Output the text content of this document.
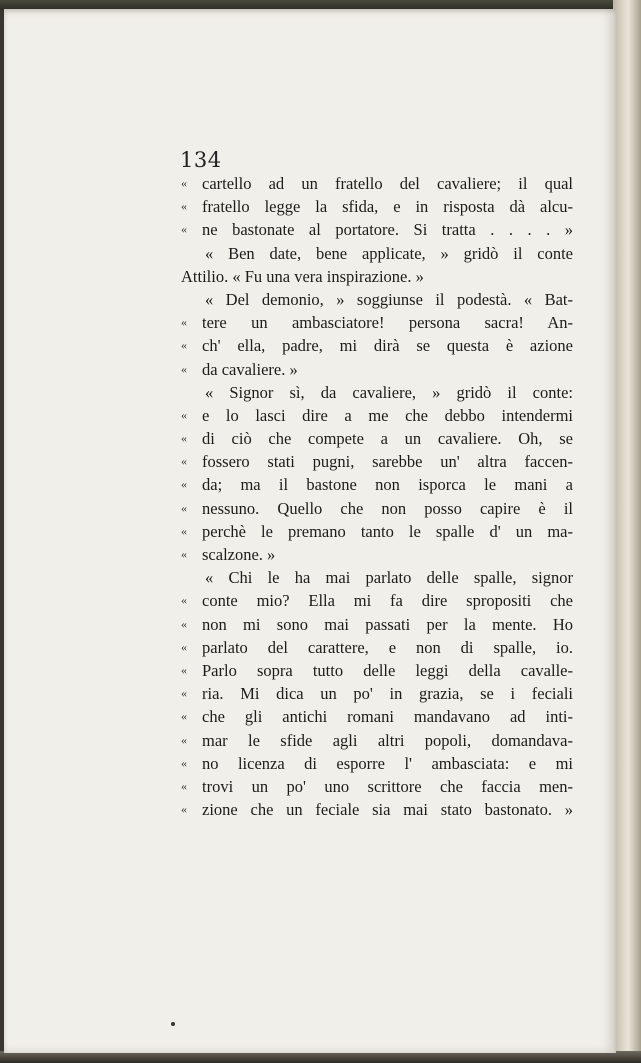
134
« cartello ad un fratello del cavaliere; il qual
« fratello legge la sfida, e in risposta dà alcu-
« ne bastonate al portatore. Si tratta . . . . »
« Ben date, bene applicate, » gridò il conte
Attilio. « Fu una vera inspirazione. »
« Del demonio, » soggiunse il podestà. « Bat-
« tere un ambasciatore! persona sacra! An-
« ch' ella, padre, mi dirà se questa è azione
« da cavaliere. »
« Signor sì, da cavaliere, » gridò il conte:
« e lo lasci dire a me che debbo intendermi
« di ciò che compete a un cavaliere. Oh, se
« fossero stati pugni, sarebbe un' altra faccen-
« da; ma il bastone non isporca le mani a
« nessuno. Quello che non posso capire è il
« perchè le premano tanto le spalle d' un ma-
« scalzone. »
« Chi le ha mai parlato delle spalle, signor
« conte mio? Ella mi fa dire spropositi che
« non mi sono mai passati per la mente. Ho
« parlato del carattere, e non di spalle, io.
« Parlo sopra tutto delle leggi della cavalle-
« ria. Mi dica un po' in grazia, se i feciali
« che gli antichi romani mandavano ad inti-
« mar le sfide agli altri popoli, domandava-
« no licenza di esporre l' ambasciata: e mi
« trovi un po' uno scrittore che faccia men-
« zione che un feciale sia mai stato bastonato. »
